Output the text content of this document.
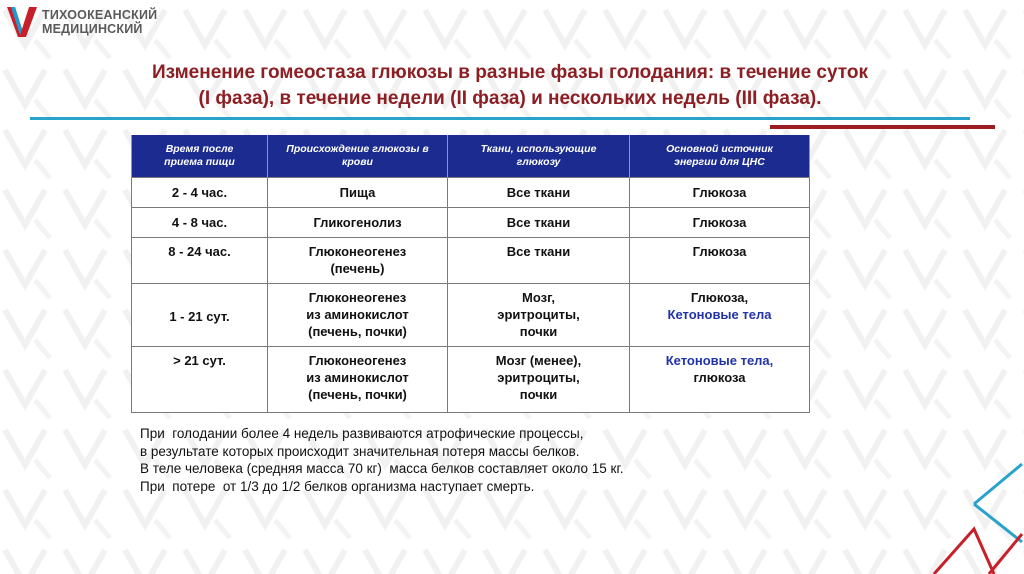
ТИХООКЕАНСКИЙ
МЕДИЦИНСКИЙ
Изменение гомеостаза глюкозы в разные фазы голодания: в течение суток
(I фаза), в течение недели (II фаза) и нескольких недель (III фаза).
Время после
приема пищи	Происхождение глюкозы в
крови	Ткани, использующие
глюкозу	Основной источник
энергии для ЦНС
2 - 4 час.	Пища	Все ткани	Глюкоза
4 - 8 час.	Гликогенолиз	Все ткани	Глюкоза
8 - 24 час.	Глюконеогенез
(печень)	Все ткани	Глюкоза
1 - 21 сут.	Глюконеогенез
из аминокислот
(печень, почки)	Мозг,
эритроциты,
почки	Глюкоза,
Кетоновые тела
> 21 сут.	Глюконеогенез
из аминокислот
(печень, почки)	Мозг (менее),
эритроциты,
почки	Кетоновые тела,
глюкоза
При  голодании более 4 недель развиваются атрофические процессы,
в результате которых происходит значительная потеря массы белков.
В теле человека (средняя масса 70 кг)  масса белков составляет около 15 кг.
При  потере  от 1/3 до 1/2 белков организма наступает смерть.
